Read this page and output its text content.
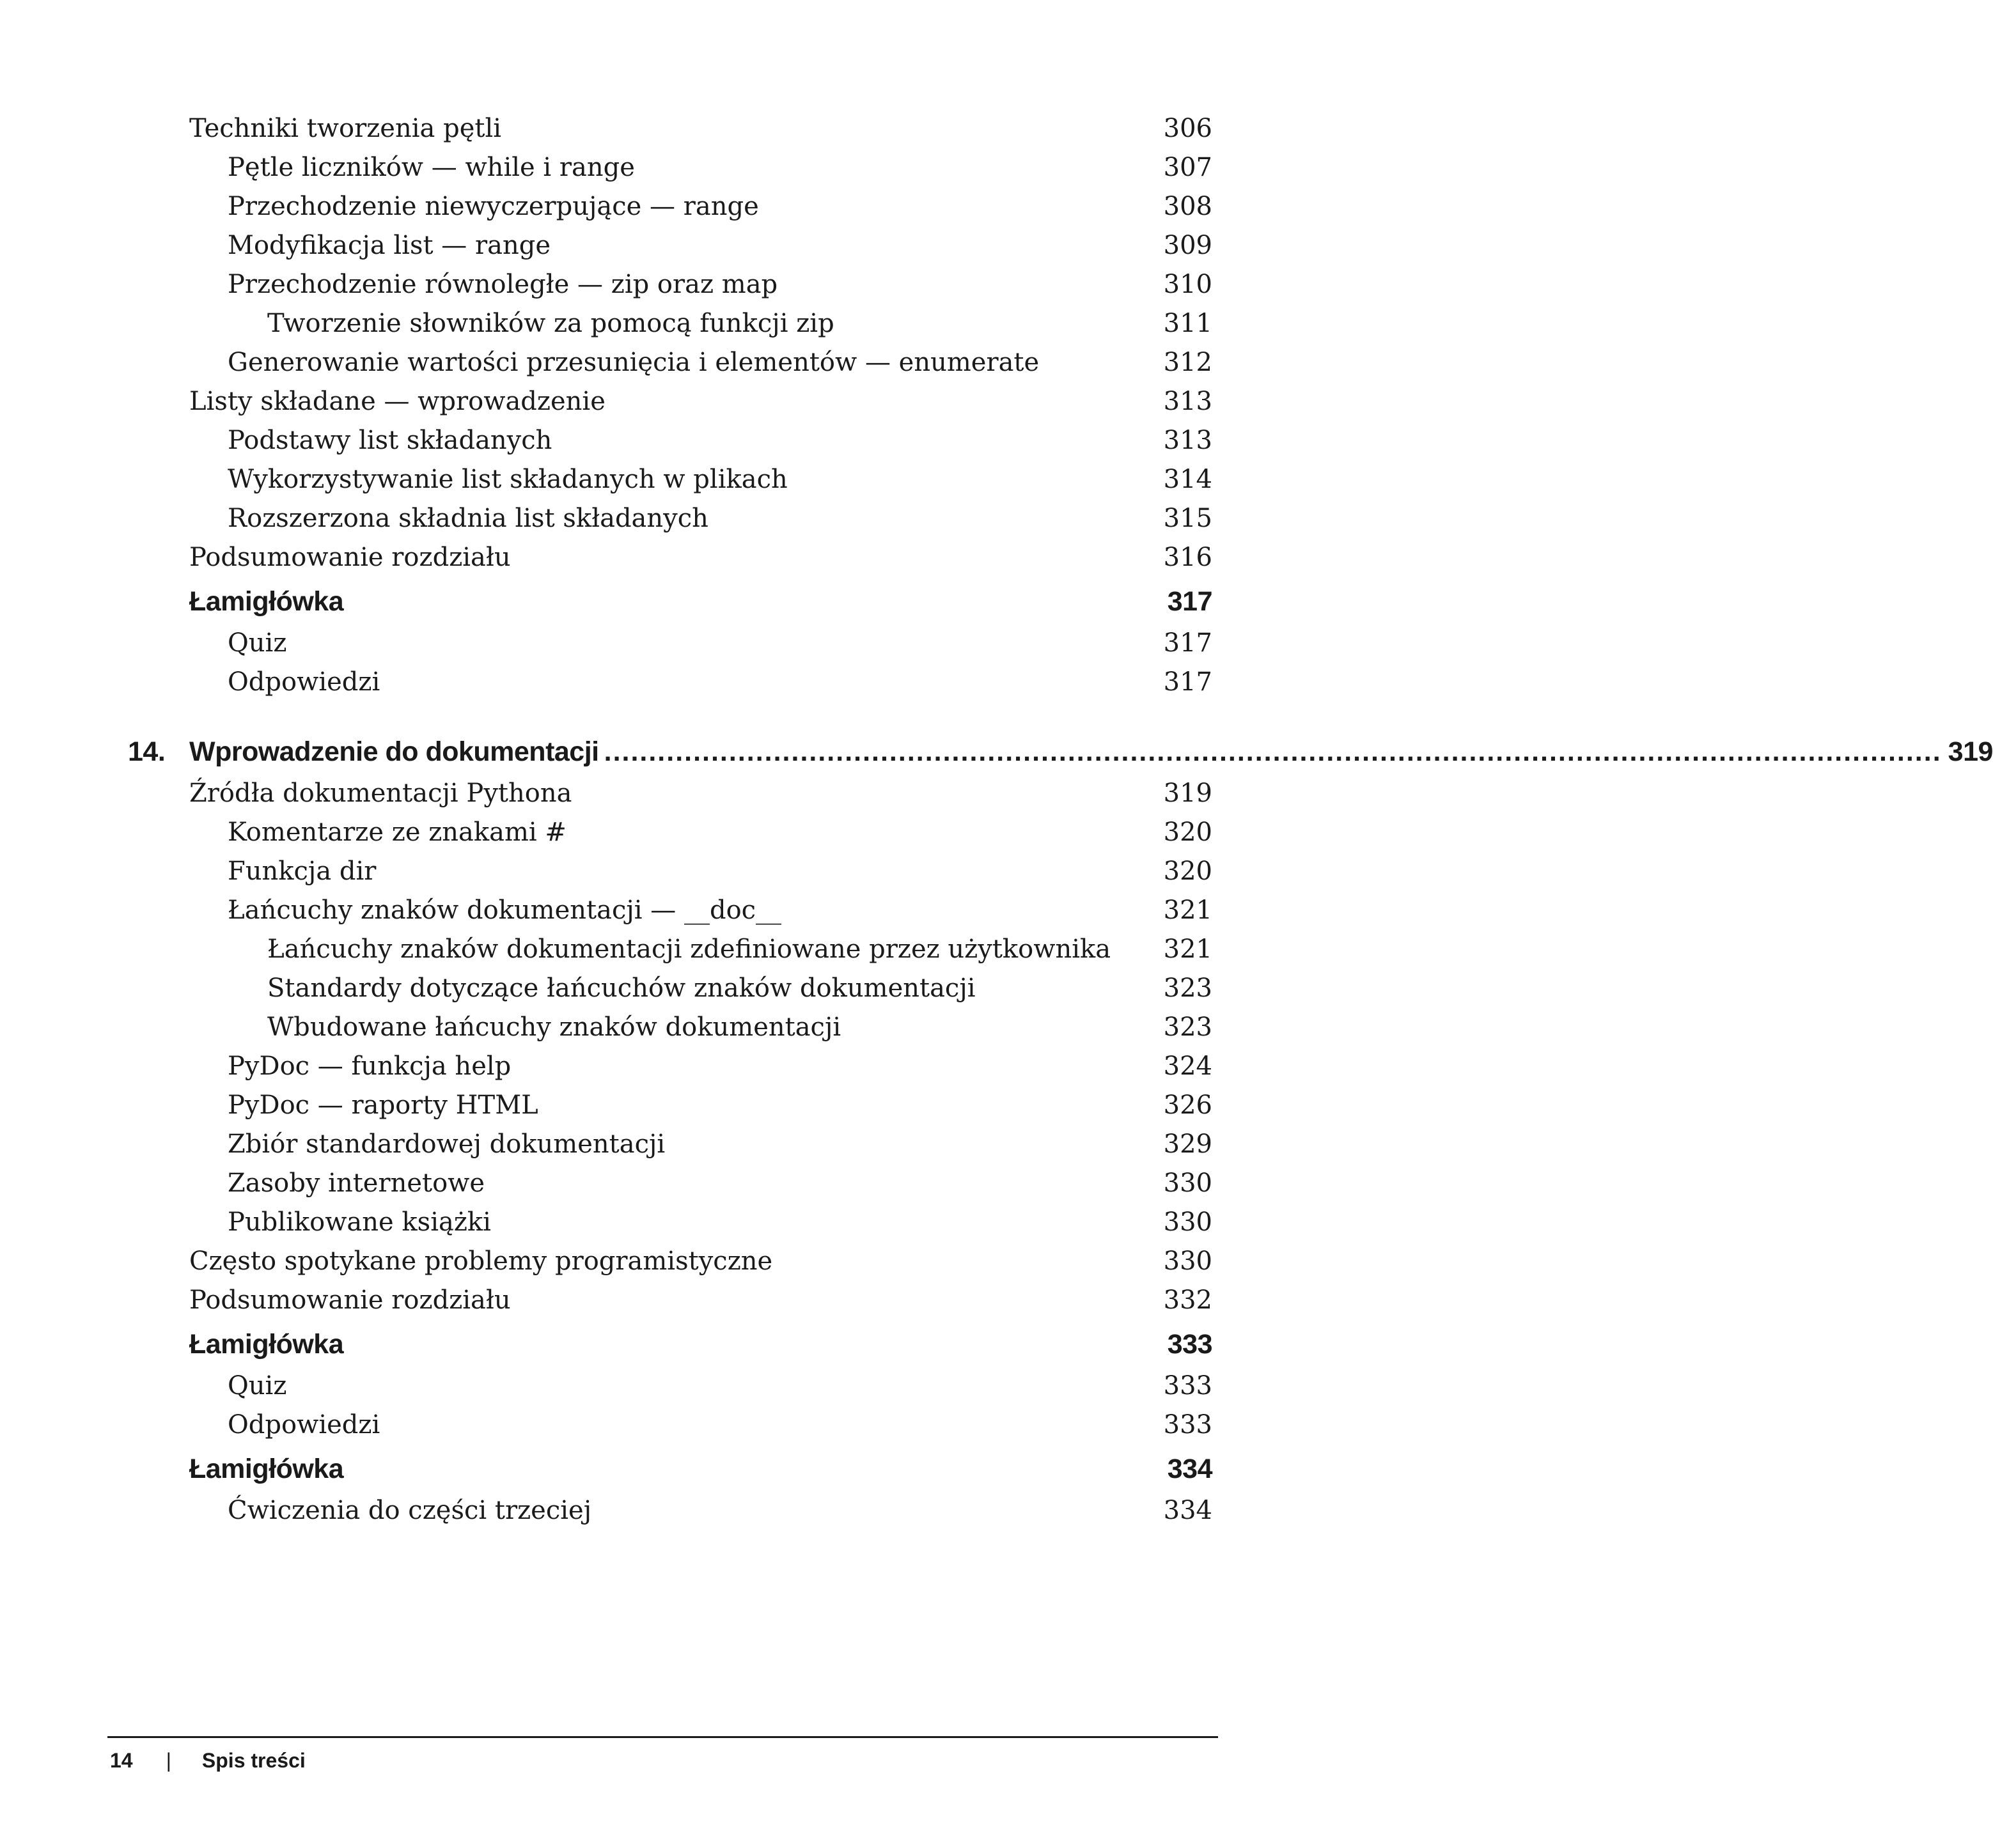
Techniki tworzenia pętli	306
Pętle liczników — while i range	307
Przechodzenie niewyczerpujące — range	308
Modyfikacja list — range	309
Przechodzenie równoległe — zip oraz map	310
Tworzenie słowników za pomocą funkcji zip	311
Generowanie wartości przesunięcia i elementów — enumerate	312
Listy składane — wprowadzenie	313
Podstawy list składanych	313
Wykorzystywanie list składanych w plikach	314
Rozszerzona składnia list składanych	315
Podsumowanie rozdziału	316
Łamigłówka	317
Quiz	317
Odpowiedzi	317
14. Wprowadzenie do dokumentacji ...................................................................................................................................................... 319
Źródła dokumentacji Pythona	319
Komentarze ze znakami #	320
Funkcja dir	320
Łańcuchy znaków dokumentacji — __doc__	321
Łańcuchy znaków dokumentacji zdefiniowane przez użytkownika 321
Standardy dotyczące łańcuchów znaków dokumentacji	323
Wbudowane łańcuchy znaków dokumentacji	323
PyDoc — funkcja help	324
PyDoc — raporty HTML	326
Zbiór standardowej dokumentacji	329
Zasoby internetowe	330
Publikowane książki	330
Często spotykane problemy programistyczne	330
Podsumowanie rozdziału	332
Łamigłówka	333
Quiz	333
Odpowiedzi	333
Łamigłówka	334
Ćwiczenia do części trzeciej	334
14 | Spis treści
